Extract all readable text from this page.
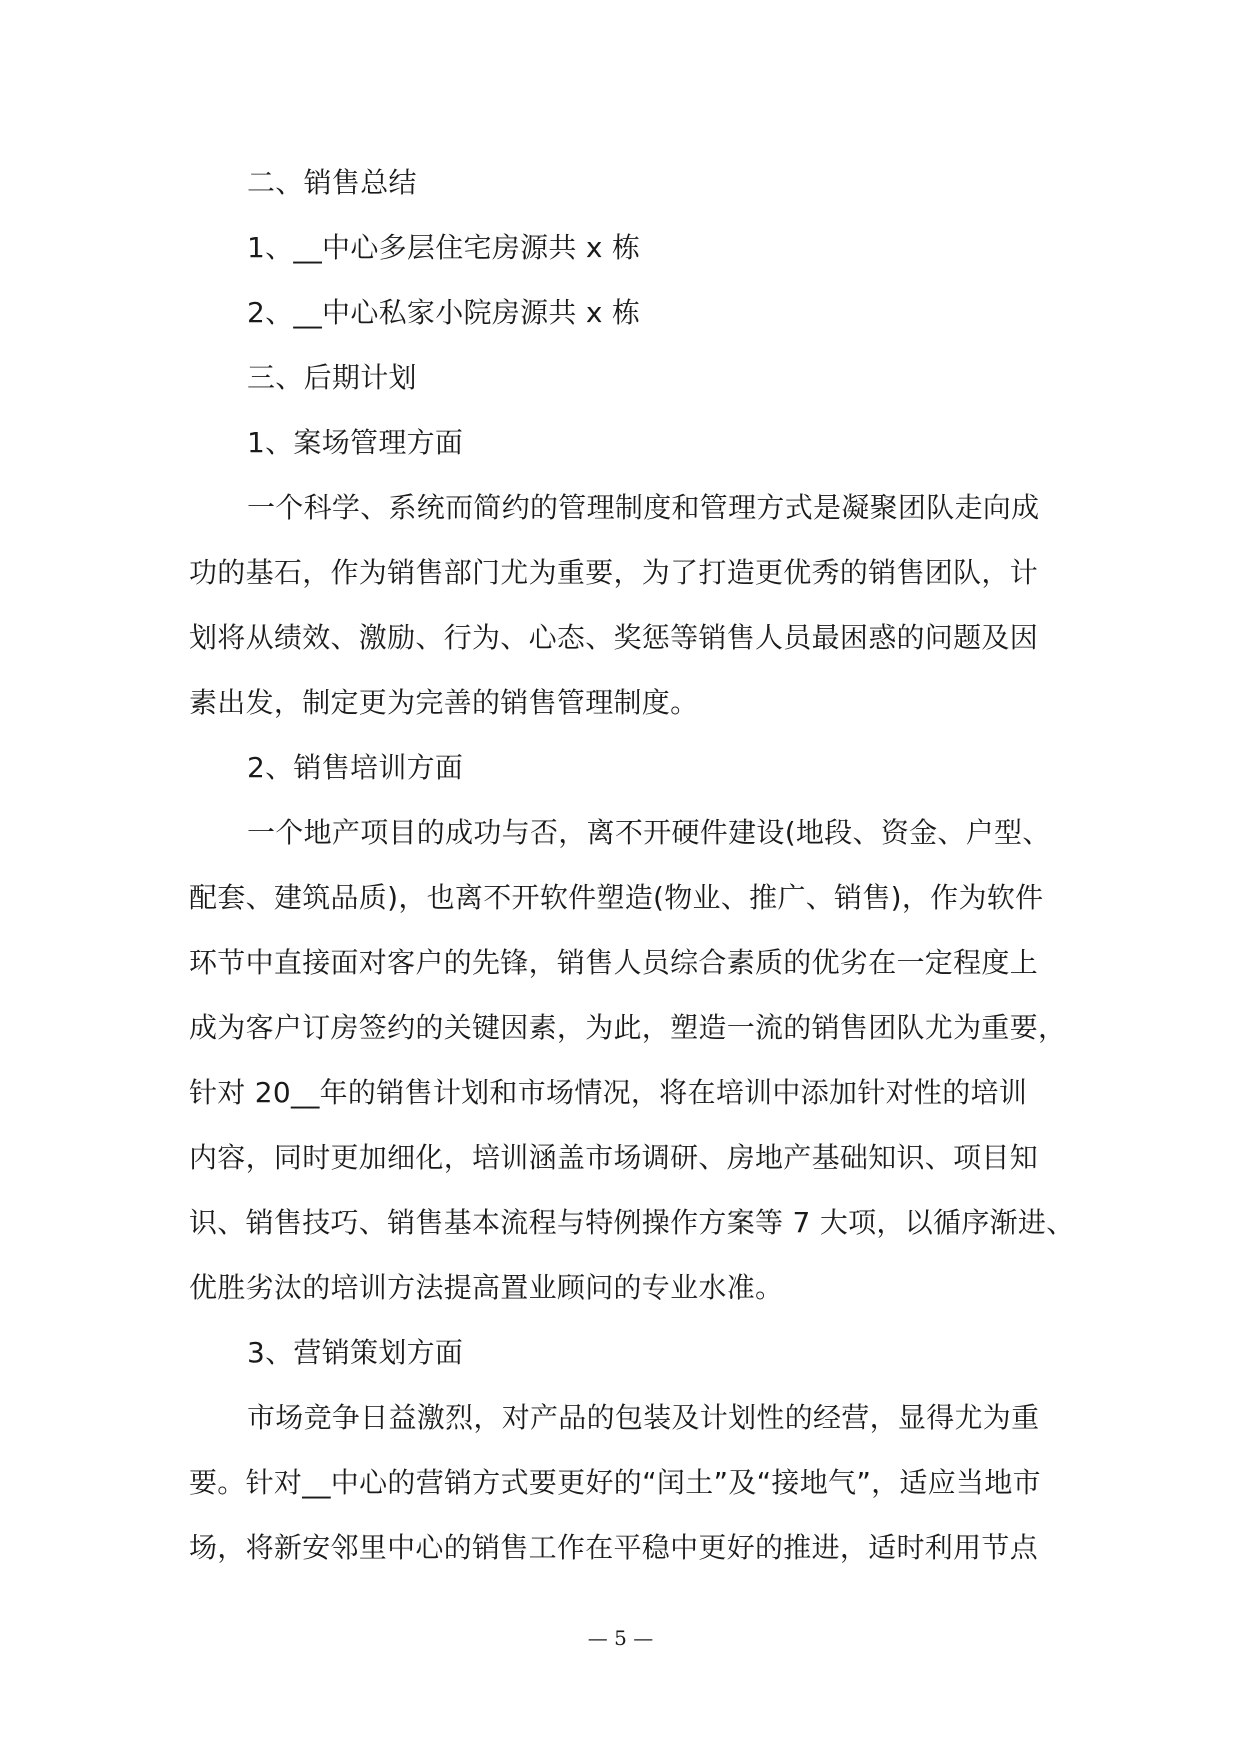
二、销售总结
1、__中心多层住宅房源共 x 栋
2、__中心私家小院房源共 x 栋
三、后期计划
1、案场管理方面
一个科学、系统而简约的管理制度和管理方式是凝聚团队走向成
功的基石，作为销售部门尤为重要，为了打造更优秀的销售团队，计
划将从绩效、激励、行为、心态、奖惩等销售人员最困惑的问题及因
素出发，制定更为完善的销售管理制度。
2、销售培训方面
一个地产项目的成功与否，离不开硬件建设(地段、资金、户型、
配套、建筑品质)，也离不开软件塑造(物业、推广、销售)，作为软件
环节中直接面对客户的先锋，销售人员综合素质的优劣在一定程度上
成为客户订房签约的关键因素，为此，塑造一流的销售团队尤为重要，
针对 20__年的销售计划和市场情况，将在培训中添加针对性的培训
内容，同时更加细化，培训涵盖市场调研、房地产基础知识、项目知
识、销售技巧、销售基本流程与特例操作方案等 7 大项，以循序渐进、
优胜劣汰的培训方法提高置业顾问的专业水准。
3、营销策划方面
市场竞争日益激烈，对产品的包装及计划性的经营，显得尤为重
要。针对__中心的营销方式要更好的“闰土”及“接地气”，适应当地市
场，将新安邻里中心的销售工作在平稳中更好的推进，适时利用节点
— 5 —
